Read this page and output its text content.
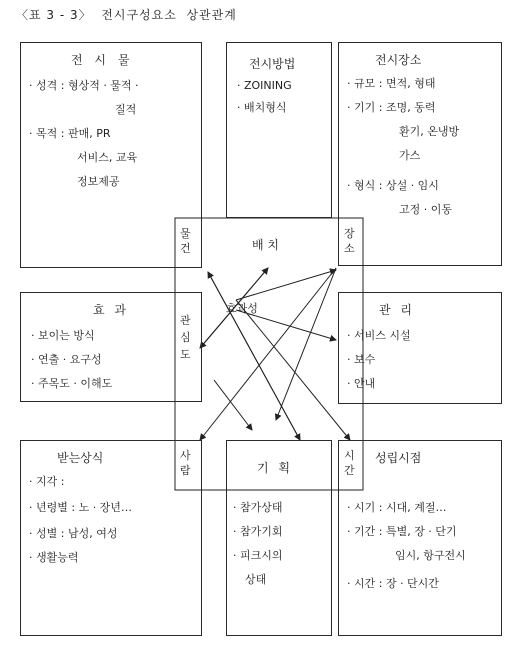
〈표 3 - 3〉  전시구성요소  상관관계
전 시 물
· 성격 : 형상적 · 물적 ·
질적
· 목적 : 판매, PR
서비스, 교육
정보제공
전시방법
· ZOINING
· 배치형식
전시장소
· 규모 : 면적, 형태
· 기기 : 조명, 동력
환기, 온냉방
가스
· 형식 : 상설 · 임시
고정 · 이동
효 과
· 보이는 방식
· 연출 · 요구성
· 주목도 · 이해도
관 리
· 서비스 시설
· 보수
· 안내
받는상식
· 지각 :
· 년령별 : 노 · 장년…
· 성별 : 남성, 여성
· 생활능력
기 획
· 참가상태
· 참가기회
· 피크시의
상태
성립시점
· 시기 : 시대, 계절…
· 기간 : 특별, 장 · 단기
임시, 항구전시
· 시간 : 장 · 단시간
물건	배 치
장소
관심도
효과성
사람
시간
